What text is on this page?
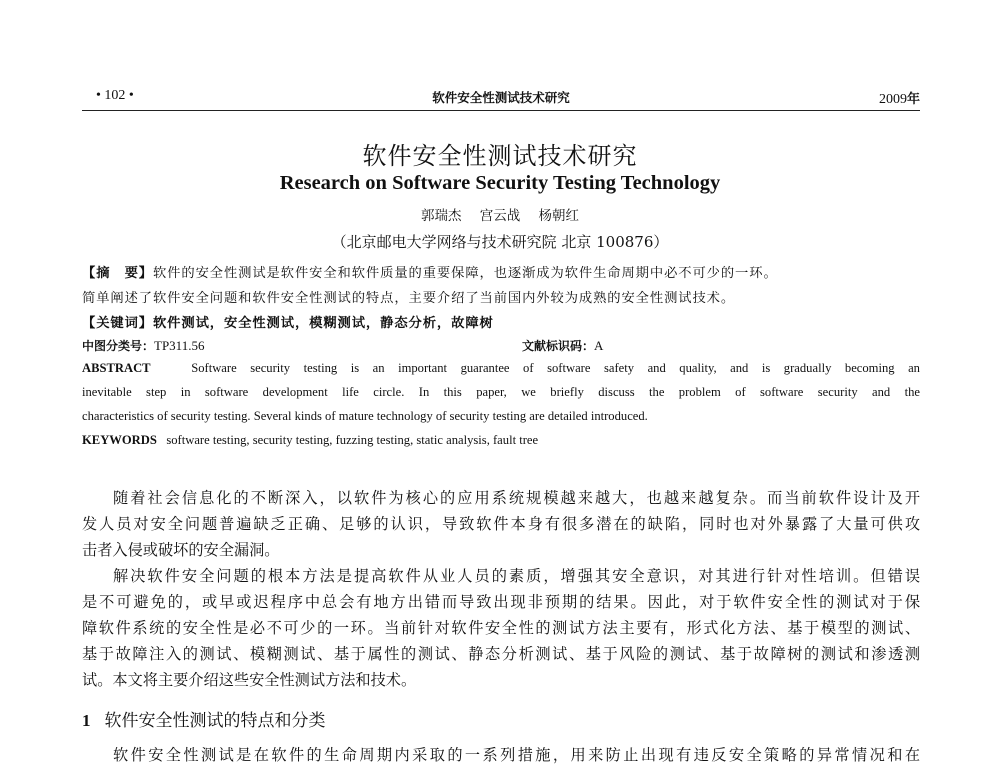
• 102 •	软件安全性测试技术研究	2009年
软件安全性测试技术研究
Research on Software Security Testing Technology
郭瑞杰 宫云战 杨朝红
（北京邮电大学网络与技术研究院 北京 100876）
【摘　要】软件的安全性测试是软件安全和软件质量的重要保障，也逐渐成为软件生命周期中必不可少的一环。
简单阐述了软件安全问题和软件安全性测试的特点，主要介绍了当前国内外较为成熟的安全性测试技术。
【关键词】软件测试，安全性测试，模糊测试，静态分析，故障树
中图分类号：TP311.56	文献标识码：A
ABSTRACT	Software security testing is an important guarantee of software safety and quality, and is gradually becoming an
inevitable step in software development life circle. In this paper, we briefly discuss the problem of software security and the
characteristics of security testing. Several kinds of mature technology of security testing are detailed introduced.
KEYWORDS software testing, security testing, fuzzing testing, static analysis, fault tree
随着社会信息化的不断深入，以软件为核心的应用系统规模越来越大，也越来越复杂。而当前软件设计及开
发人员对安全问题普遍缺乏正确、足够的认识，导致软件本身有很多潜在的缺陷，同时也对外暴露了大量可供攻
击者入侵或破坏的安全漏洞。
解决软件安全问题的根本方法是提高软件从业人员的素质，增强其安全意识，对其进行针对性培训。但错误
是不可避免的，或早或迟程序中总会有地方出错而导致出现非预期的结果。因此，对于软件安全性的测试对于保
障软件系统的安全性是必不可少的一环。当前针对软件安全性的测试方法主要有，形式化方法、基于模型的测试、
基于故障注入的测试、模糊测试、基于属性的测试、静态分析测试、基于风险的测试、基于故障树的测试和渗透测
试。本文将主要介绍这些安全性测试方法和技术。
1 软件安全性测试的特点和分类
软件安全性测试是在软件的生命周期内采取的一系列措施，用来防止出现有违反安全策略的异常情况和在
